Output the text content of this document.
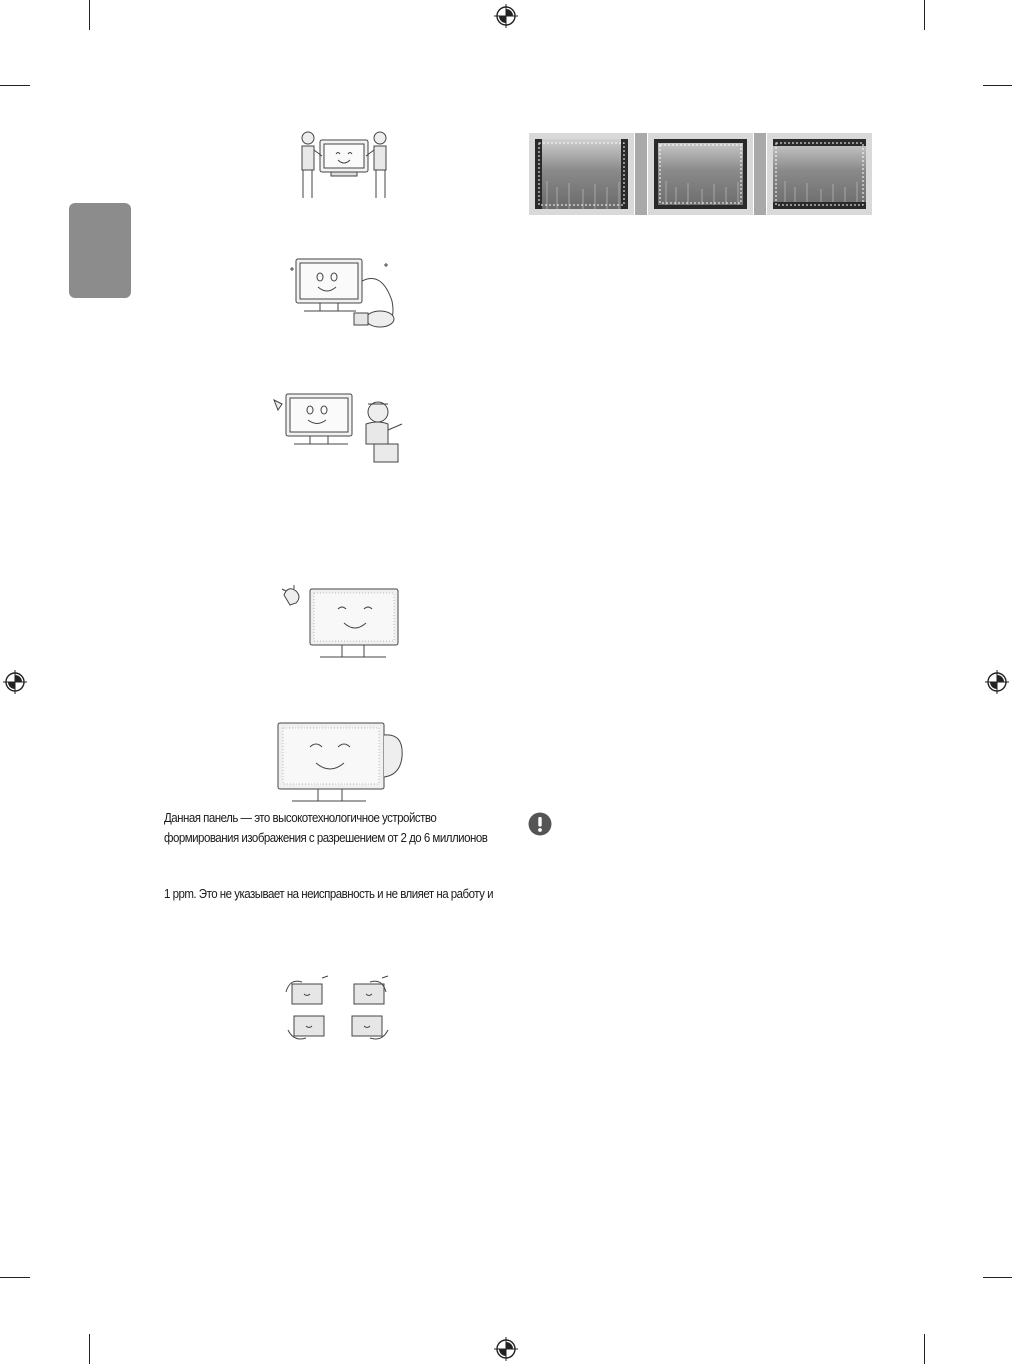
Данная панель — это высокотехнологичное устройство
формирования изображения с разрешением от 2 до 6 миллионов
1 ppm. Это не указывает на неисправность и не влияет на работу и
